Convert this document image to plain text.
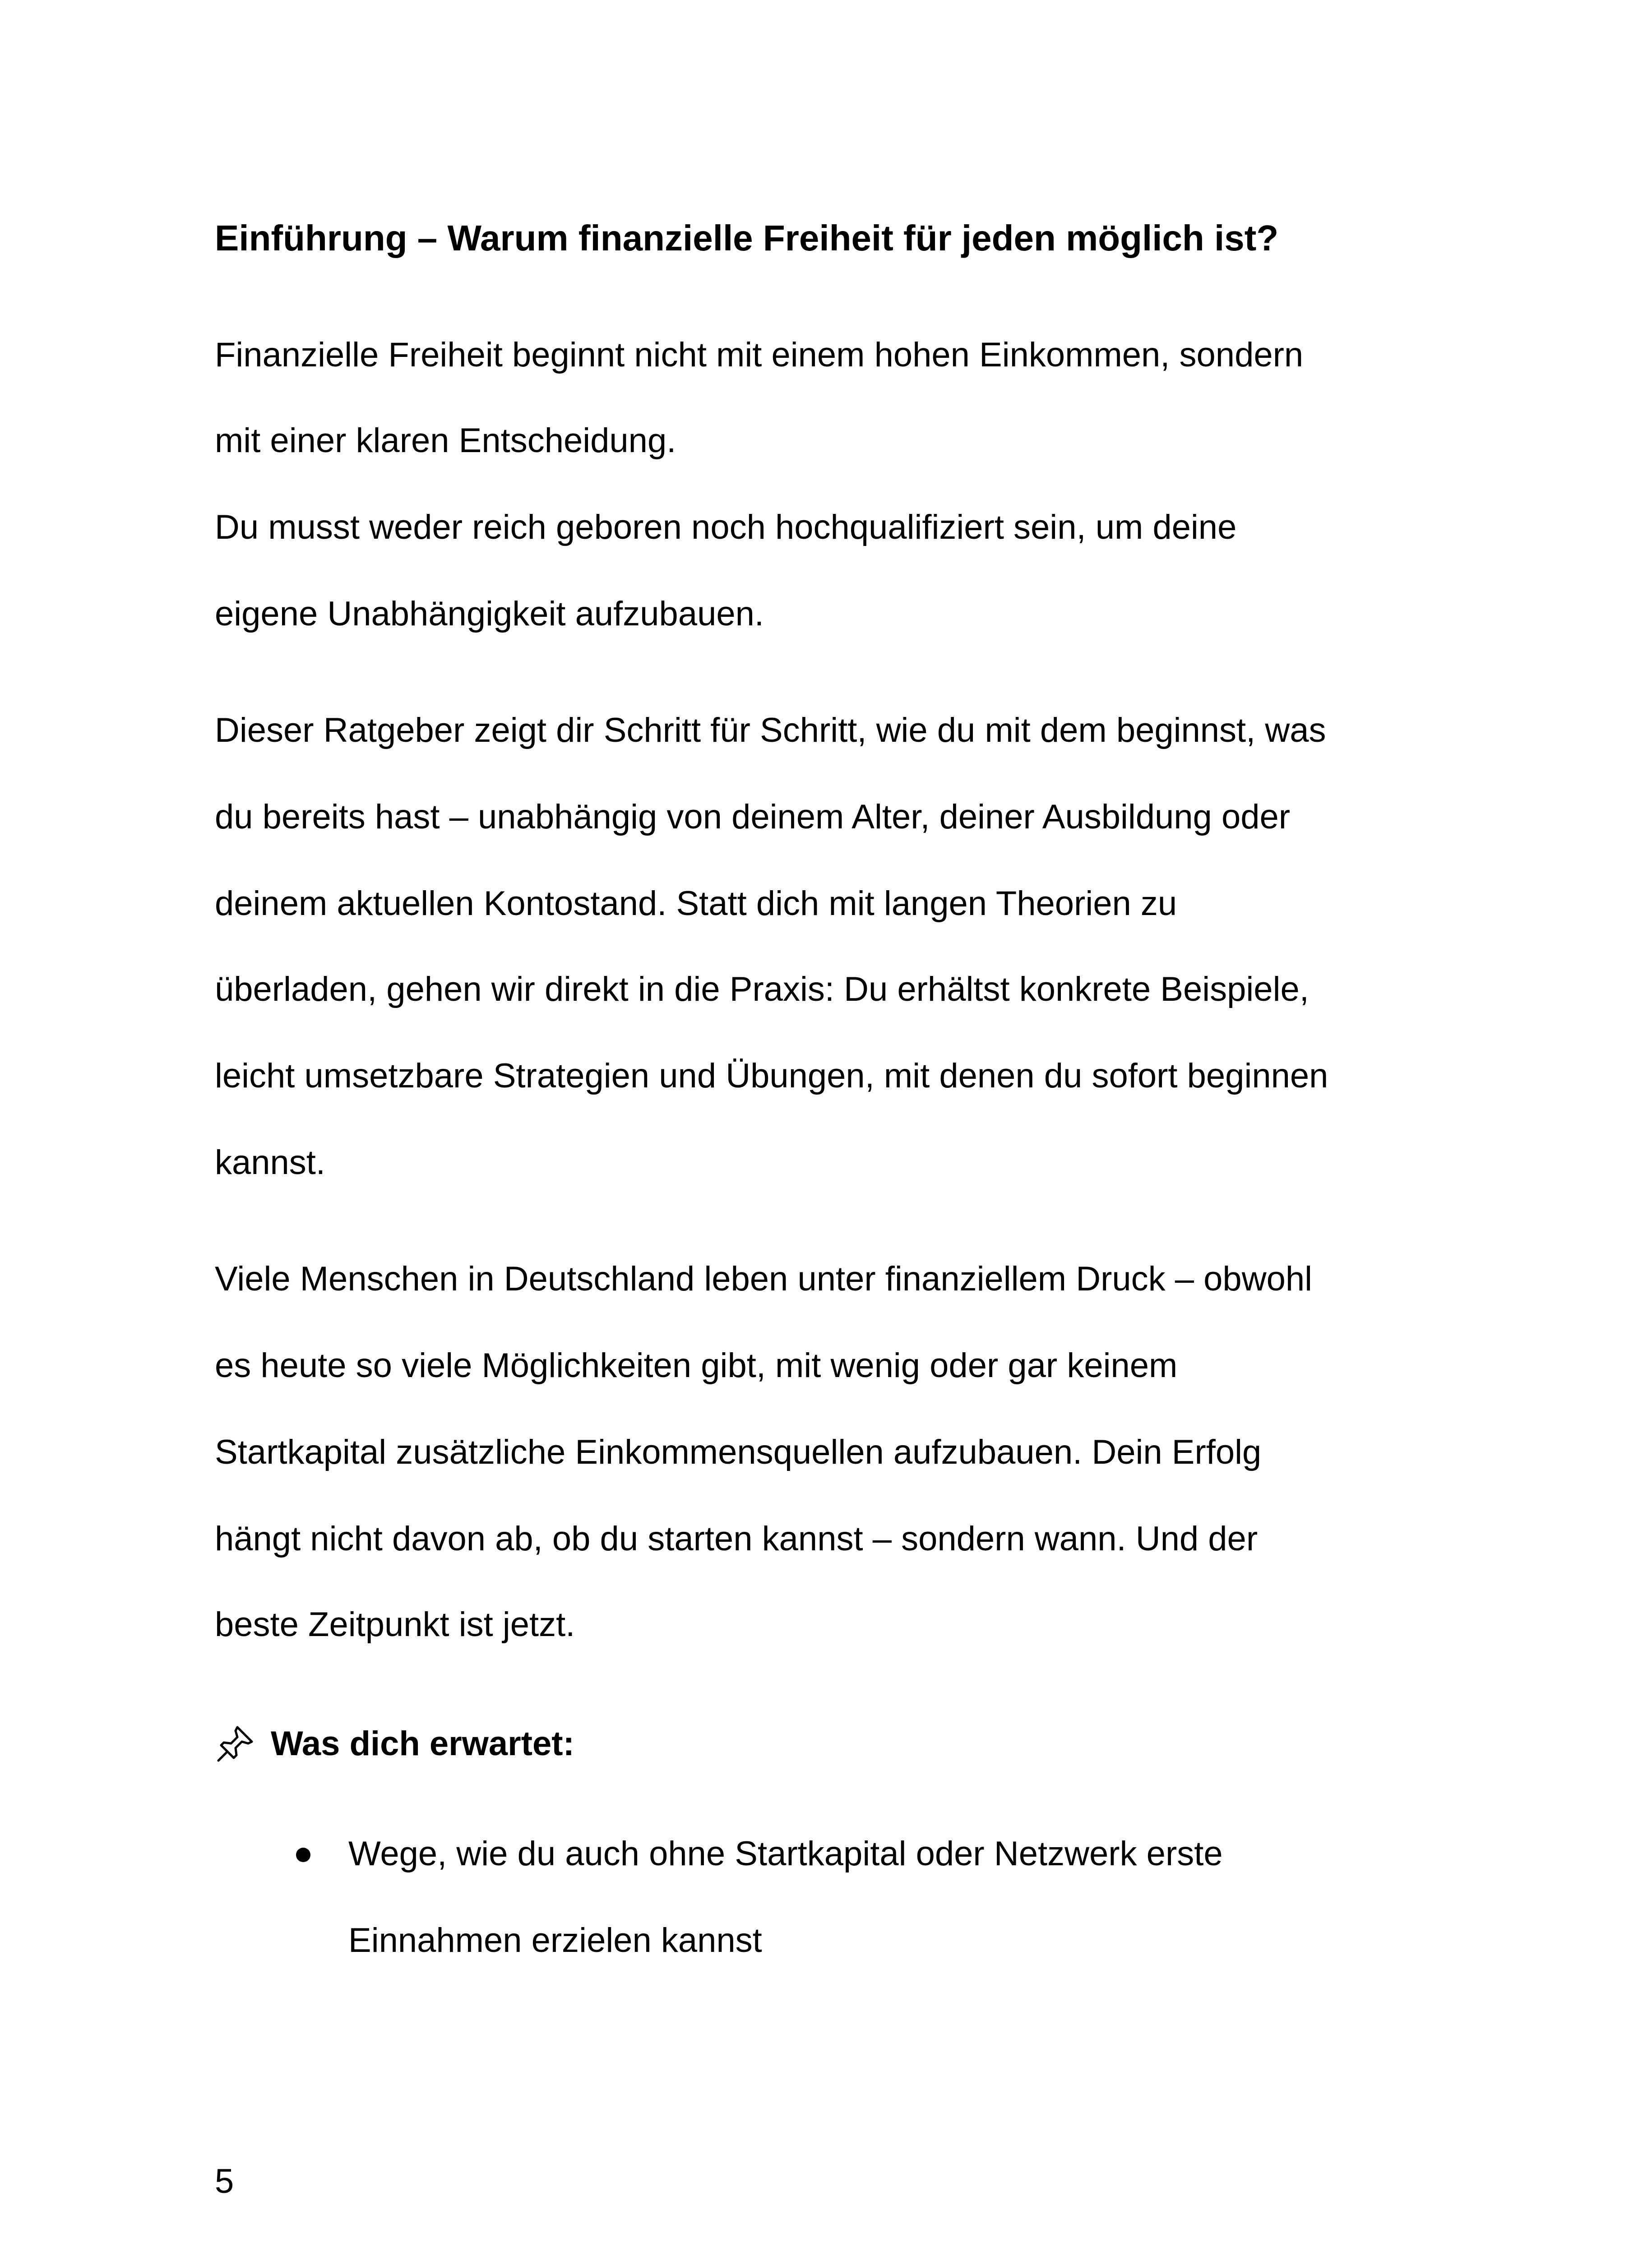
Einführung – Warum finanzielle Freiheit für jeden möglich ist?
Finanzielle Freiheit beginnt nicht mit einem hohen Einkommen, sondern
mit einer klaren Entscheidung.
Du musst weder reich geboren noch hochqualifiziert sein, um deine
eigene Unabhängigkeit aufzubauen.
Dieser Ratgeber zeigt dir Schritt für Schritt, wie du mit dem beginnst, was
du bereits hast – unabhängig von deinem Alter, deiner Ausbildung oder
deinem aktuellen Kontostand. Statt dich mit langen Theorien zu
überladen, gehen wir direkt in die Praxis: Du erhältst konkrete Beispiele,
leicht umsetzbare Strategien und Übungen, mit denen du sofort beginnen
kannst.
Viele Menschen in Deutschland leben unter finanziellem Druck – obwohl
es heute so viele Möglichkeiten gibt, mit wenig oder gar keinem
Startkapital zusätzliche Einkommensquellen aufzubauen. Dein Erfolg
hängt nicht davon ab, ob du starten kannst – sondern wann. Und der
beste Zeitpunkt ist jetzt.
Was dich erwartet:
Wege, wie du auch ohne Startkapital oder Netzwerk erste
Einnahmen erzielen kannst
5
